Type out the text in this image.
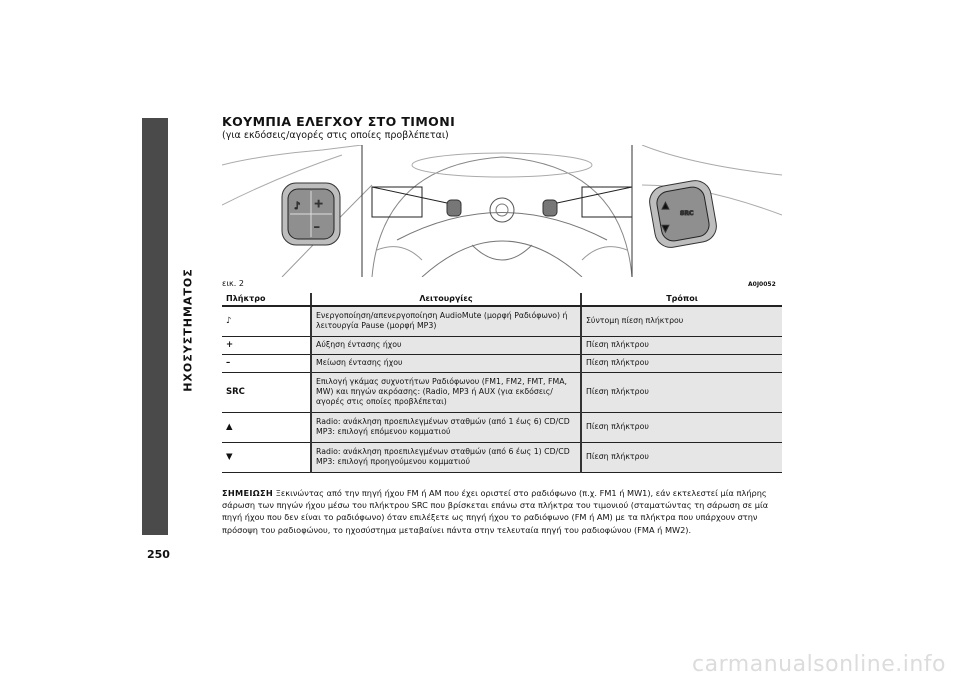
ΗΧΟΣΥΣΤΗΜΑΤΟΣ
250
ΚΟΥΜΠΙΑ ΕΛΕΓΧΟΥ ΣΤΟ ΤΙΜΟΝΙ
(για εκδόσεις/αγορές στις οποίες προβλέπεται)
♪ +
–
▲
▼
SRC
εικ. 2	A0J0052
Πλήκτρο	Λειτουργίες	Τρόποι
♪	Ενεργοποίηση/απενεργοποίηση AudioMute (μορφή Ραδιόφωνο) ή λειτουργία Pause (μορφή MP3)	Σύντομη πίεση πλήκτρου
+	Αύξηση έντασης ήχου	Πίεση πλήκτρου
–	Μείωση έντασης ήχου	Πίεση πλήκτρου
SRC	Επιλογή γκάμας συχνοτήτων Ραδιόφωνου (FM1, FM2, FMT, FMA, MW) και πηγών ακρόασης: (Radio, MP3 ή AUX (για εκδόσεις/αγορές στις οποίες προβλέπεται)	Πίεση πλήκτρου
▲	Radio: ανάκληση προεπιλεγμένων σταθμών (από 1 έως 6) CD/CD MP3: επιλογή επόμενου κομματιού	Πίεση πλήκτρου
▼	Radio: ανάκληση προεπιλεγμένων σταθμών (από 6 έως 1) CD/CD MP3: επιλογή προηγούμενου κομματιού	Πίεση πλήκτρου
ΣΗΜΕΙΩΣΗ Ξεκινώντας από την πηγή ήχου FM ή AM που έχει οριστεί στο ραδιόφωνο (π.χ. FM1 ή MW1), εάν εκτελεστεί μία πλήρης σάρωση των πηγών ήχου μέσω του πλήκτρου SRC που βρίσκεται επάνω στα πλήκτρα του τιμονιού (σταματώντας τη σάρωση σε μία πηγή ήχου που δεν είναι το ραδιόφωνο) όταν επιλέξετε ως πηγή ήχου το ραδιόφωνο (FM ή AM) με τα πλήκτρα που υπάρχουν στην πρόσοψη του ραδιοφώνου, το ηχοσύστημα μεταβαίνει πάντα στην τελευταία πηγή του ραδιοφώνου (FMA ή MW2).
carmanualsonline.info
